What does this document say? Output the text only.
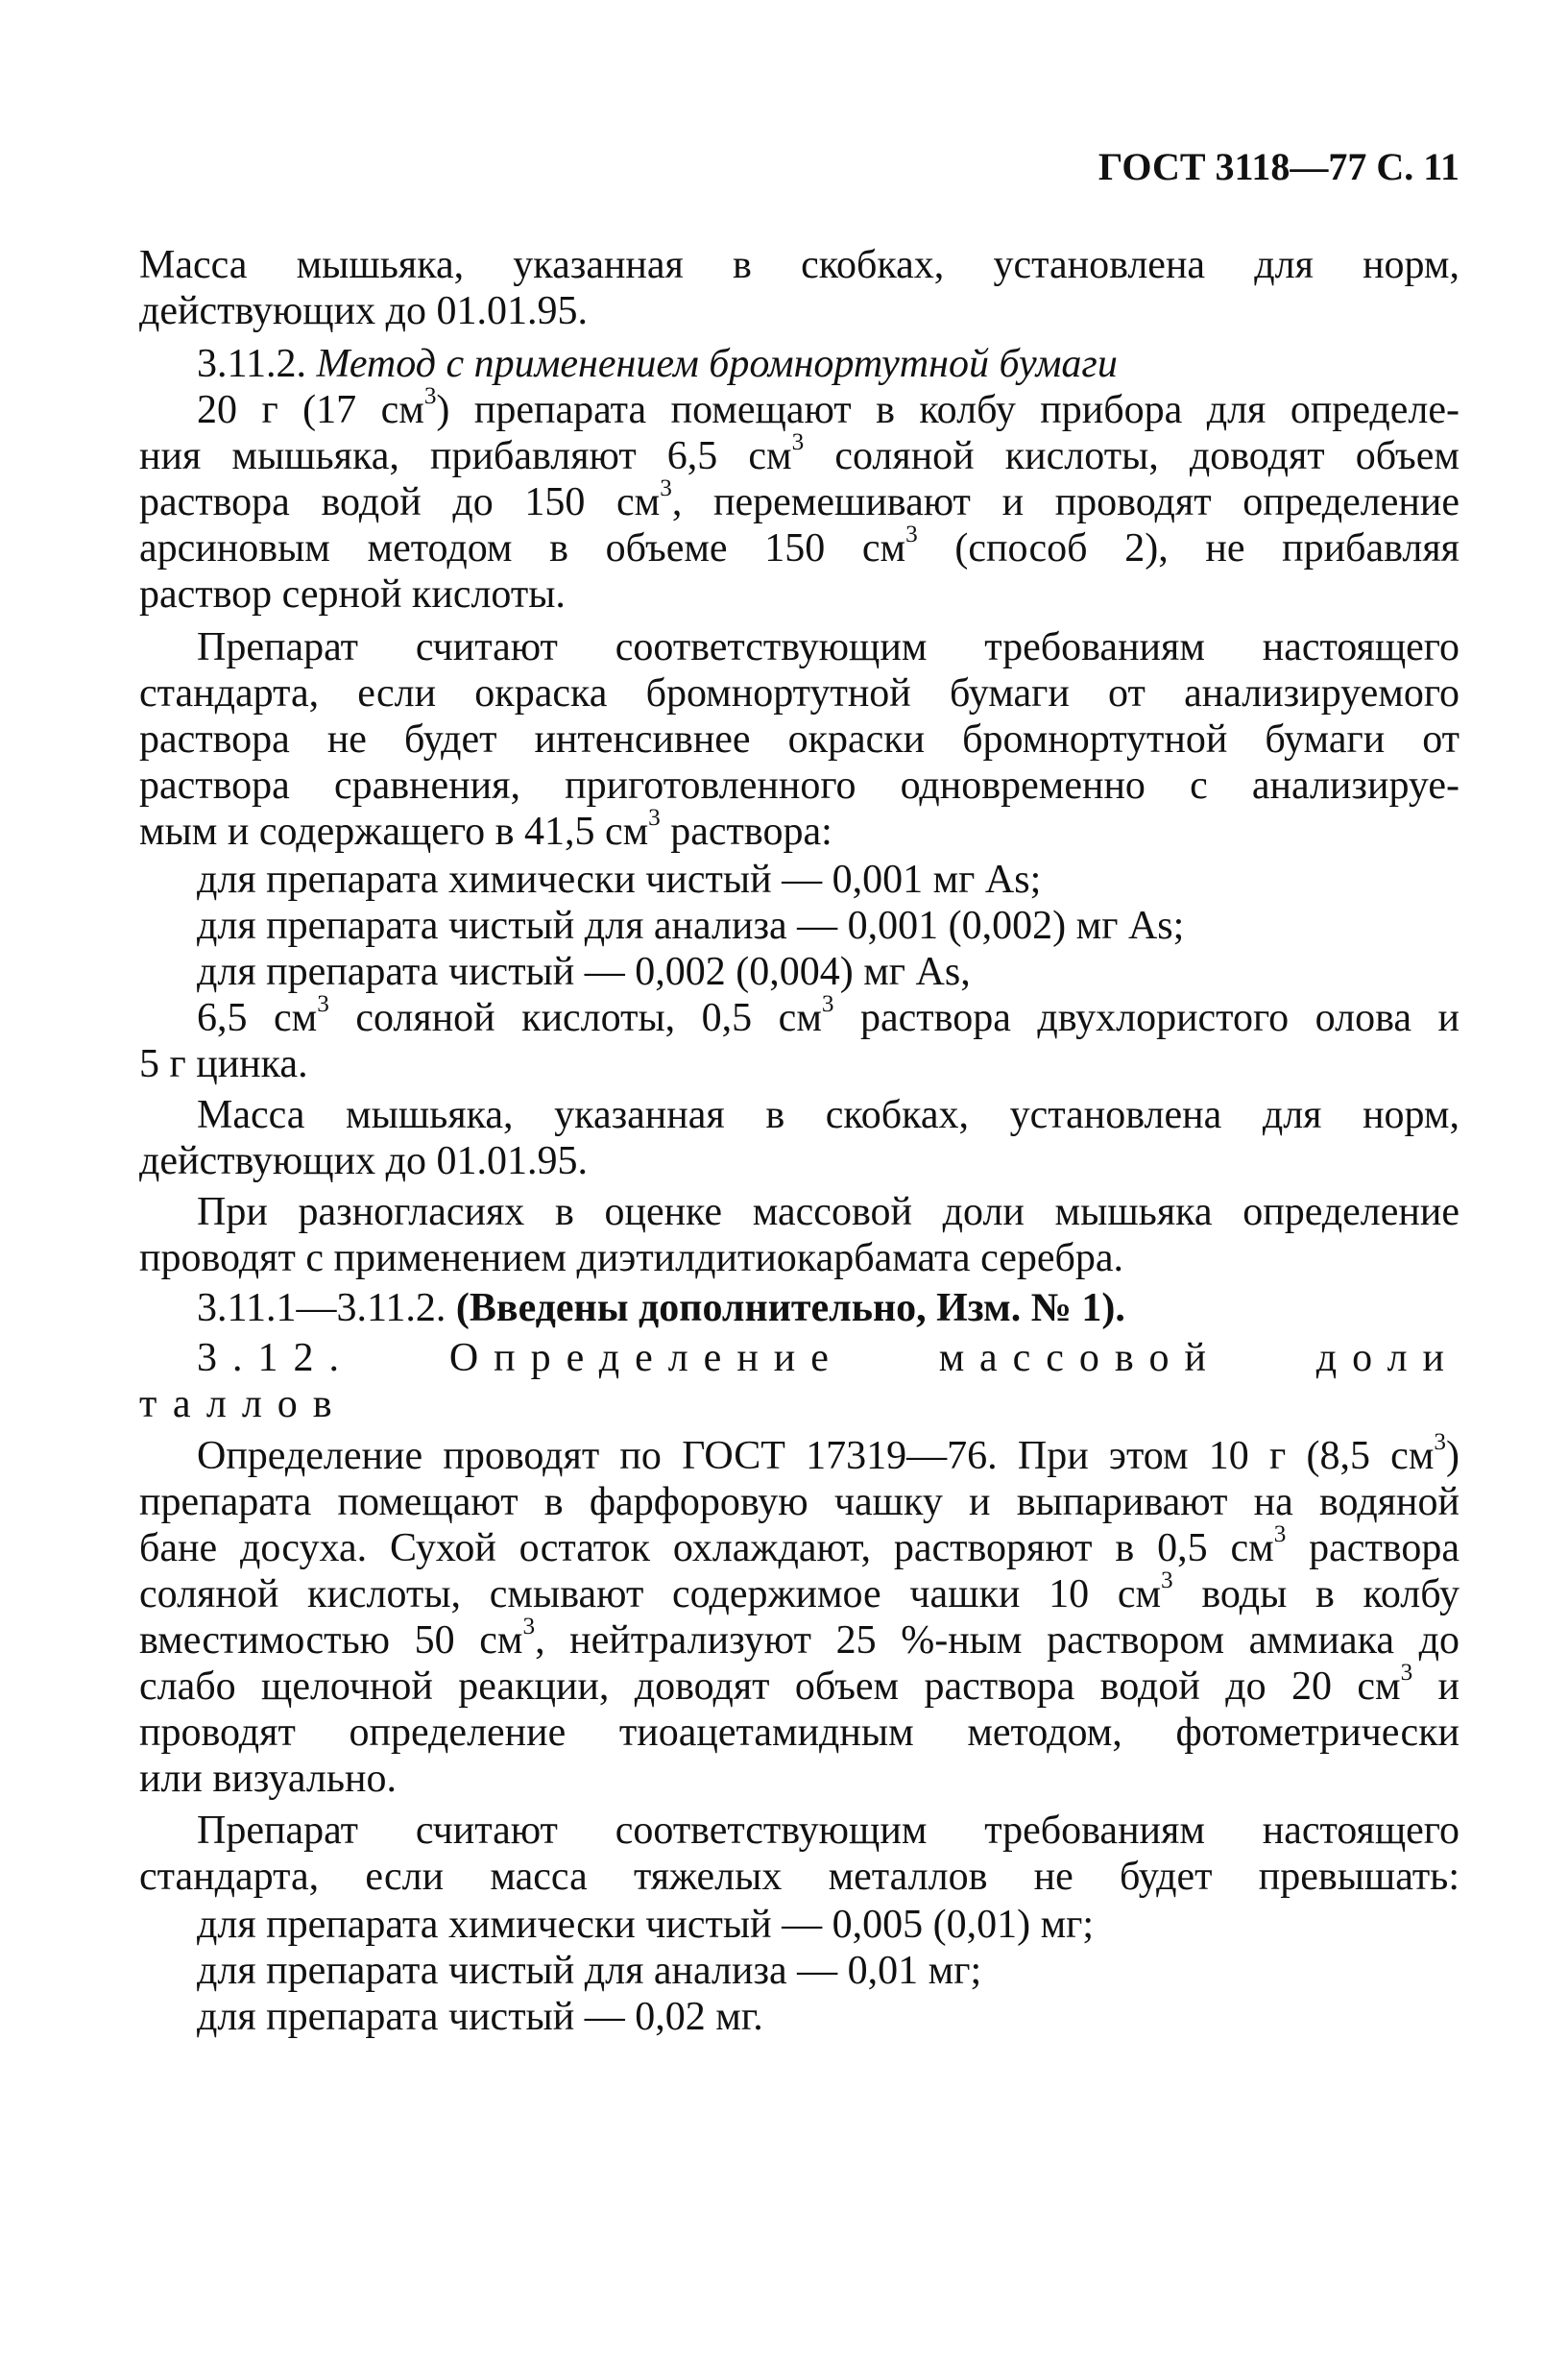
ГОСТ 3118—77 С. 11
Масса мышьяка, указанная в скобках, установлена для норм,
действующих до 01.01.95.
3.11.2. Метод с применением бромнортутной бумаги
20 г (17 $см^3$) препарата помещают в колбу прибора для определе-
ния мышьяка, прибавляют 6,5 $см^3$ соляной кислоты, доводят объем
раствора водой до 150 $см^3$, перемешивают и проводят определение
арсиновым методом в объеме 150 $см^3$ (способ 2), не прибавляя
раствор серной кислоты.
Препарат считают соответствующим требованиям настоящего
стандарта, если окраска бромнортутной бумаги от анализируемого
раствора не будет интенсивнее окраски бромнортутной бумаги от
раствора сравнения, приготовленного одновременно с анализируе-
мым и содержащего в 41,5 $см^3$ раствора:
для препарата химически чистый — 0,001 мг As;
для препарата чистый для анализа — 0,001 (0,002) мг As;
для препарата чистый — 0,002 (0,004) мг As,
6,5 $см^3$ соляной кислоты, 0,5 $см^3$ раствора двухлористого олова и
5 г цинка.
Масса мышьяка, указанная в скобках, установлена для норм,
действующих до 01.01.95.
При разногласиях в оценке массовой доли мышьяка определение
проводят с применением диэтилдитиокарбамата серебра.
3.11.1—3.11.2. (Введены дополнительно, Изм. № 1).
3.12. Определение массовой доли
таллов
Определение проводят по ГОСТ 17319—76. При этом 10 г (8,5 $см^3$)
препарата помещают в фарфоровую чашку и выпаривают на водяной
бане досуха. Сухой остаток охлаждают, растворяют в 0,5 $см^3$ раствора
соляной кислоты, смывают содержимое чашки 10 $см^3$ воды в колбу
вместимостью 50 $см^3$, нейтрализуют 25 %-ным раствором аммиака до
слабо щелочной реакции, доводят объем раствора водой до 20 $см^3$ и
проводят определение тиоацетамидным методом, фотометрически
или визуально.
Препарат считают соответствующим требованиям настоящего
стандарта, если масса тяжелых металлов не будет превышать:
для препарата химически чистый — 0,005 (0,01) мг;
для препарата чистый для анализа — 0,01 мг;
для препарата чистый — 0,02 мг.
